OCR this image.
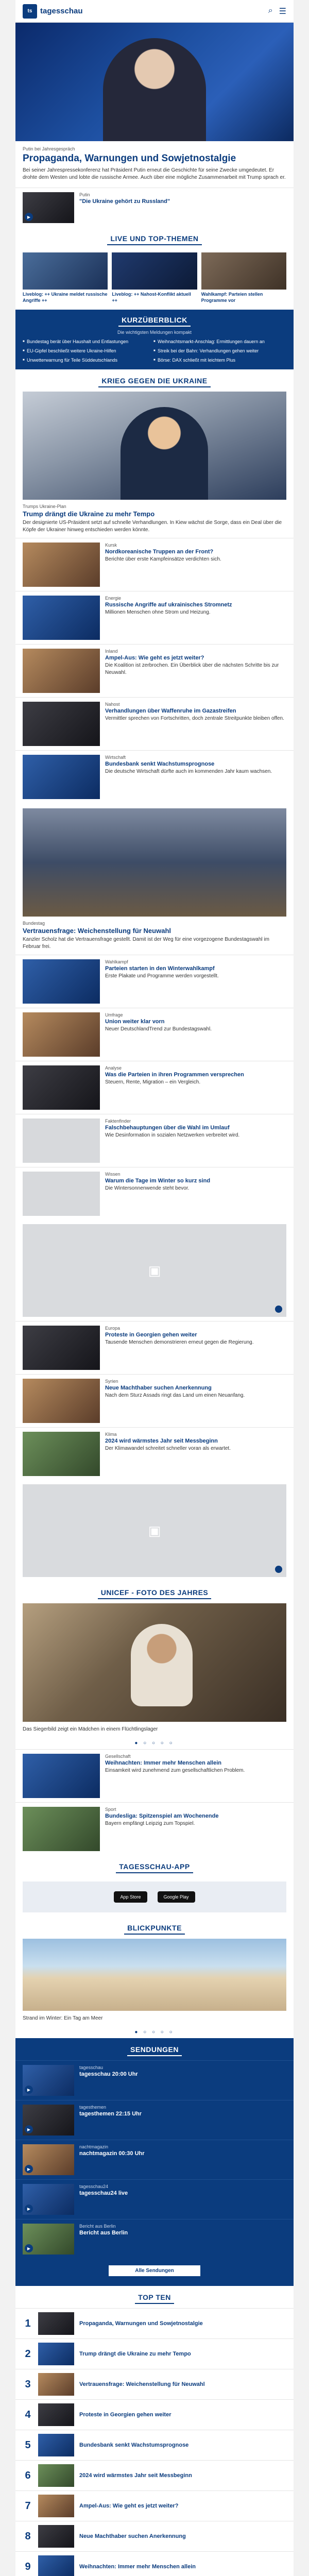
ts	tagesschau	⌕ ☰
Putin bei Jahresgespräch
Propaganda, Warnungen und Sowjetnostalgie
Bei seiner Jahrespressekonferenz hat Präsident Putin erneut die Geschichte für seine Zwecke umgedeutet. Er drohte dem Westen und lobte die russische Armee. Auch über eine mögliche Zusammenarbeit mit Trump sprach er.
▶
Putin
"Die Ukraine gehört zu Russland"
LIVE UND TOP-THEMEN
Liveblog: ++ Ukraine meldet russische Angriffe ++
Liveblog: ++ Nahost-Konflikt aktuell ++
Wahlkampf: Parteien stellen Programme vor
KURZÜBERBLICK
Die wichtigsten Meldungen kompakt
■ Bundestag berät über Haushalt und Entlastungen	■ Weihnachtsmarkt-Anschlag: Ermittlungen dauern an
■ EU-Gipfel beschließt weitere Ukraine-Hilfen	■ Streik bei der Bahn: Verhandlungen gehen weiter
■ Unwetterwarnung für Teile Süddeutschlands	■ Börse: DAX schließt mit leichtem Plus
KRIEG GEGEN DIE UKRAINE
Trumps Ukraine-Plan
Trump drängt die Ukraine zu mehr Tempo
Der designierte US-Präsident setzt auf schnelle Verhandlungen. In Kiew wächst die Sorge, dass ein Deal über die Köpfe der Ukrainer hinweg entschieden werden könnte.
Kursk
Nordkoreanische Truppen an der Front?
Berichte über erste Kampfeinsätze verdichten sich.
Energie
Russische Angriffe auf ukrainisches Stromnetz
Millionen Menschen ohne Strom und Heizung.
Inland
Ampel-Aus: Wie geht es jetzt weiter?
Die Koalition ist zerbrochen. Ein Überblick über die nächsten Schritte bis zur Neuwahl.
Nahost
Verhandlungen über Waffenruhe im Gazastreifen
Vermittler sprechen von Fortschritten, doch zentrale Streitpunkte bleiben offen.
Wirtschaft
Bundesbank senkt Wachstumsprognose
Die deutsche Wirtschaft dürfte auch im kommenden Jahr kaum wachsen.
Bundestag
Vertrauensfrage: Weichenstellung für Neuwahl
Kanzler Scholz hat die Vertrauensfrage gestellt. Damit ist der Weg für eine vorgezogene Bundestagswahl im Februar frei.
Wahlkampf
Parteien starten in den Winterwahlkampf
Erste Plakate und Programme werden vorgestellt.
Umfrage
Union weiter klar vorn
Neuer DeutschlandTrend zur Bundestagswahl.
Analyse
Was die Parteien in ihren Programmen versprechen
Steuern, Rente, Migration – ein Vergleich.
Faktenfinder
Falschbehauptungen über die Wahl im Umlauf
Wie Desinformation in sozialen Netzwerken verbreitet wird.
Wissen
Warum die Tage im Winter so kurz sind
Die Wintersonnenwende steht bevor.
▣
Europa
Proteste in Georgien gehen weiter
Tausende Menschen demonstrieren erneut gegen die Regierung.
Syrien
Neue Machthaber suchen Anerkennung
Nach dem Sturz Assads ringt das Land um einen Neuanfang.
Klima
2024 wird wärmstes Jahr seit Messbeginn
Der Klimawandel schreitet schneller voran als erwartet.
▣
UNICEF - FOTO DES JAHRES
Das Siegerbild zeigt ein Mädchen in einem Flüchtlingslager
● ○ ○ ○ ○
Gesellschaft
Weihnachten: Immer mehr Menschen allein
Einsamkeit wird zunehmend zum gesellschaftlichen Problem.
Sport
Bundesliga: Spitzenspiel am Wochenende
Bayern empfängt Leipzig zum Topspiel.
TAGESSCHAU-APP
App Store	Google Play
BLICKPUNKTE
Strand im Winter: Ein Tag am Meer
● ○ ○ ○ ○
SENDUNGEN
▶
tagesschau
tagesschau 20:00 Uhr
▶
tagesthemen
tagesthemen 22:15 Uhr
▶
nachtmagazin
nachtmagazin 00:30 Uhr
▶
tagesschau24
tagesschau24 live
▶
Bericht aus Berlin
Bericht aus Berlin
Alle Sendungen
TOP TEN
1	Propaganda, Warnungen und Sowjetnostalgie
2	Trump drängt die Ukraine zu mehr Tempo
3	Vertrauensfrage: Weichenstellung für Neuwahl
4	Proteste in Georgien gehen weiter
5	Bundesbank senkt Wachstumsprognose
6	2024 wird wärmstes Jahr seit Messbeginn
7	Ampel-Aus: Wie geht es jetzt weiter?
8	Neue Machthaber suchen Anerkennung
9	Weihnachten: Immer mehr Menschen allein
